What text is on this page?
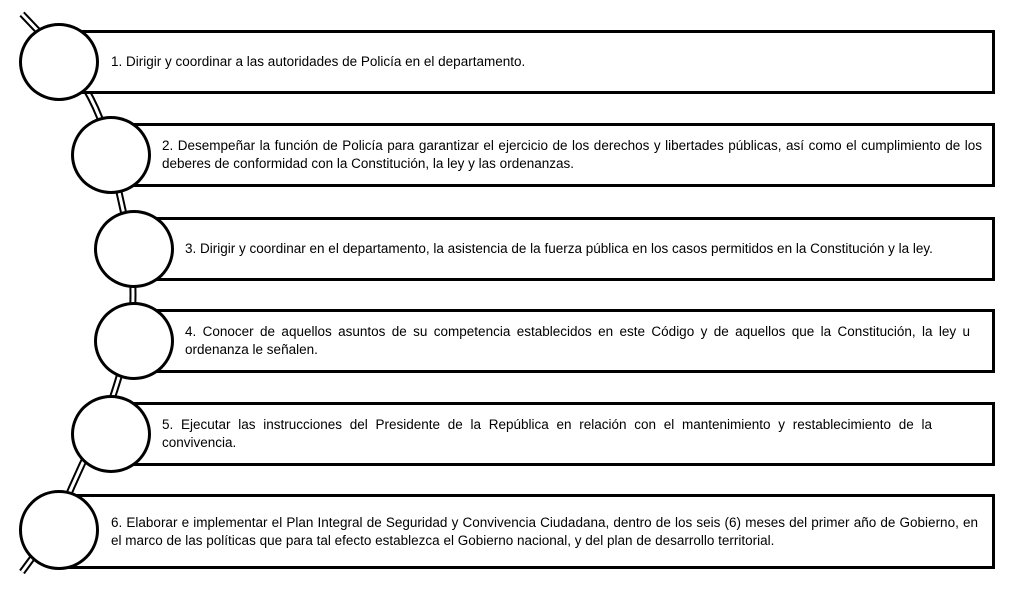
1. Dirigir y coordinar a las autoridades de Policía en el departamento.
2. Desempeñar la función de Policía para garantizar el ejercicio de los derechos y libertades públicas, así como el cumplimiento de los deberes de conformidad con la Constitución, la ley y las ordenanzas.
3. Dirigir y coordinar en el departamento, la asistencia de la fuerza pública en los casos permitidos en la Constitución y la ley.
4. Conocer de aquellos asuntos de su competencia establecidos en este Código y de aquellos que la Constitución, la ley u ordenanza le señalen.
5. Ejecutar las instrucciones del Presidente de la República en relación con el mantenimiento y restablecimiento de la convivencia.
6. Elaborar e implementar el Plan Integral de Seguridad y Convivencia Ciudadana, dentro de los seis (6) meses del primer año de Gobierno, en el marco de las políticas que para tal efecto establezca el Gobierno nacional, y del plan de desarrollo territorial.
